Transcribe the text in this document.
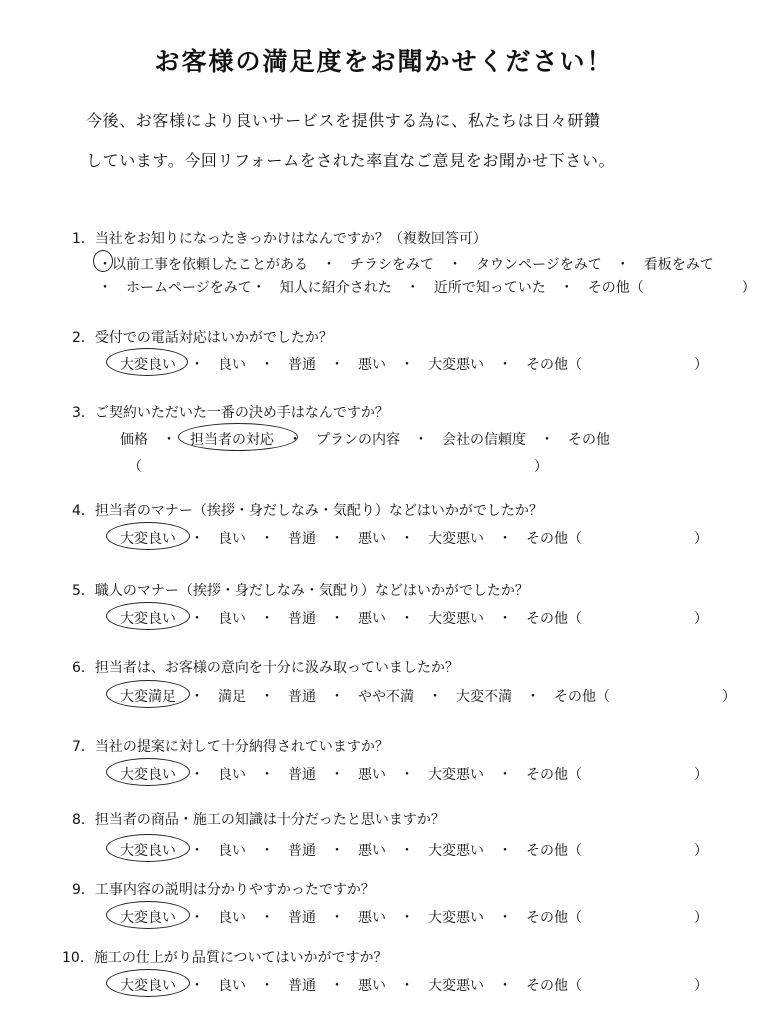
お客様の満足度をお聞かせください！
今後、お客様により良いサービスを提供する為に、私たちは日々研鑽
しています。今回リフォームをされた率直なご意見をお聞かせ下さい。
1．当社をお知りになったきっかけはなんですか？（複数回答可）
・以前工事を依頼したことがある　・　チラシをみて　・　タウンページをみて　・　看板をみて
・　ホームページをみて・　知人に紹介された　・　近所で知っていた　・　その他（　　　　　　　）
2．受付での電話対応はいかがでしたか？
大変良い　・　良い　・　普通　・　悪い　・　大変悪い　・　その他（　　　　　　　　）
3．ご契約いただいた一番の決め手はなんですか？
価格　・　担当者の対応　・　プランの内容　・　会社の信頼度　・　その他
（　　　　　　　　　　　　　　　　　　　　　　　　　　　　）
4．担当者のマナー（挨拶・身だしなみ・気配り）などはいかがでしたか？
大変良い　・　良い　・　普通　・　悪い　・　大変悪い　・　その他（　　　　　　　　）
5．職人のマナー（挨拶・身だしなみ・気配り）などはいかがでしたか？
大変良い　・　良い　・　普通　・　悪い　・　大変悪い　・　その他（　　　　　　　　）
6．担当者は、お客様の意向を十分に汲み取っていましたか？
大変満足　・　満足　・　普通　・　やや不満　・　大変不満　・　その他（　　　　　　　　）
7．当社の提案に対して十分納得されていますか？
大変良い　・　良い　・　普通　・　悪い　・　大変悪い　・　その他（　　　　　　　　）
8．担当者の商品・施工の知識は十分だったと思いますか？
大変良い　・　良い　・　普通　・　悪い　・　大変悪い　・　その他（　　　　　　　　）
9．工事内容の説明は分かりやすかったですか？
大変良い　・　良い　・　普通　・　悪い　・　大変悪い　・　その他（　　　　　　　　）
10．施工の仕上がり品質についてはいかがですか？
大変良い　・　良い　・　普通　・　悪い　・　大変悪い　・　その他（　　　　　　　　）
